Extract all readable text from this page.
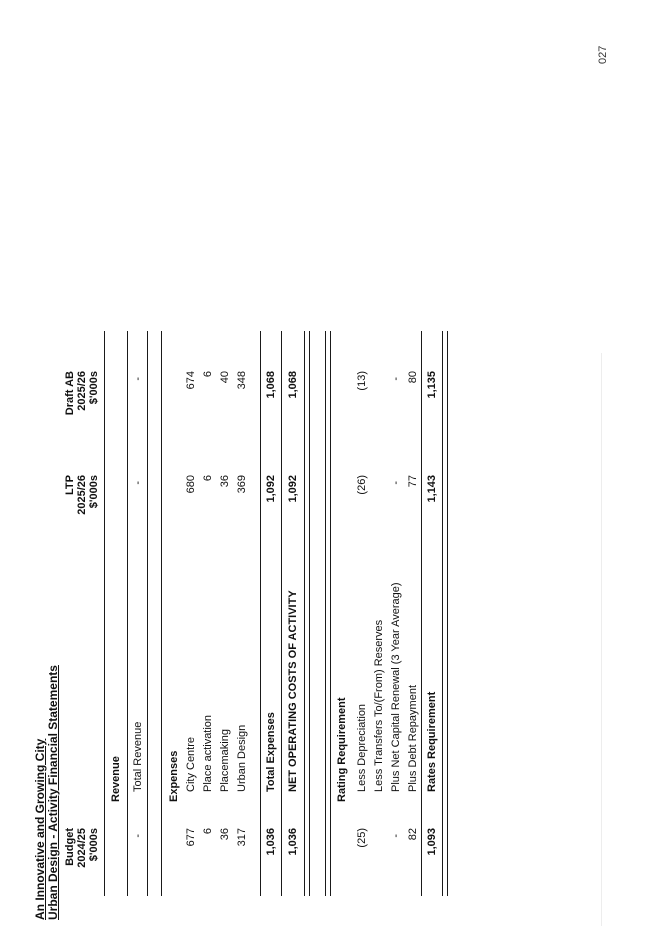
027
An Innovative and Growing City Urban Design - Activity Financial Statements Budget 2024/25 $'000s
LTP 2025/26 $'000s
Draft AB 2025/26 $'000s
Revenue
-
Total Revenue
-
-
Expenses
677
City Centre
680
674
6
Place activation
6
6
36
Placemaking
36
40
317
Urban Design
369
348
1,036
Total Expenses
1,092
1,068
1,036
NET OPERATING COSTS OF ACTIVITY
1,092
1,068
Rating Requirement
(25)
Less Depreciation
(26)
(13)
Less Transfers To/(From) Reserves
-
Plus Net Capital Renewal (3 Year Average)
-
-
82
Plus Debt Repayment
77
80
1,093
Rates Requirement
1,143
1,135
